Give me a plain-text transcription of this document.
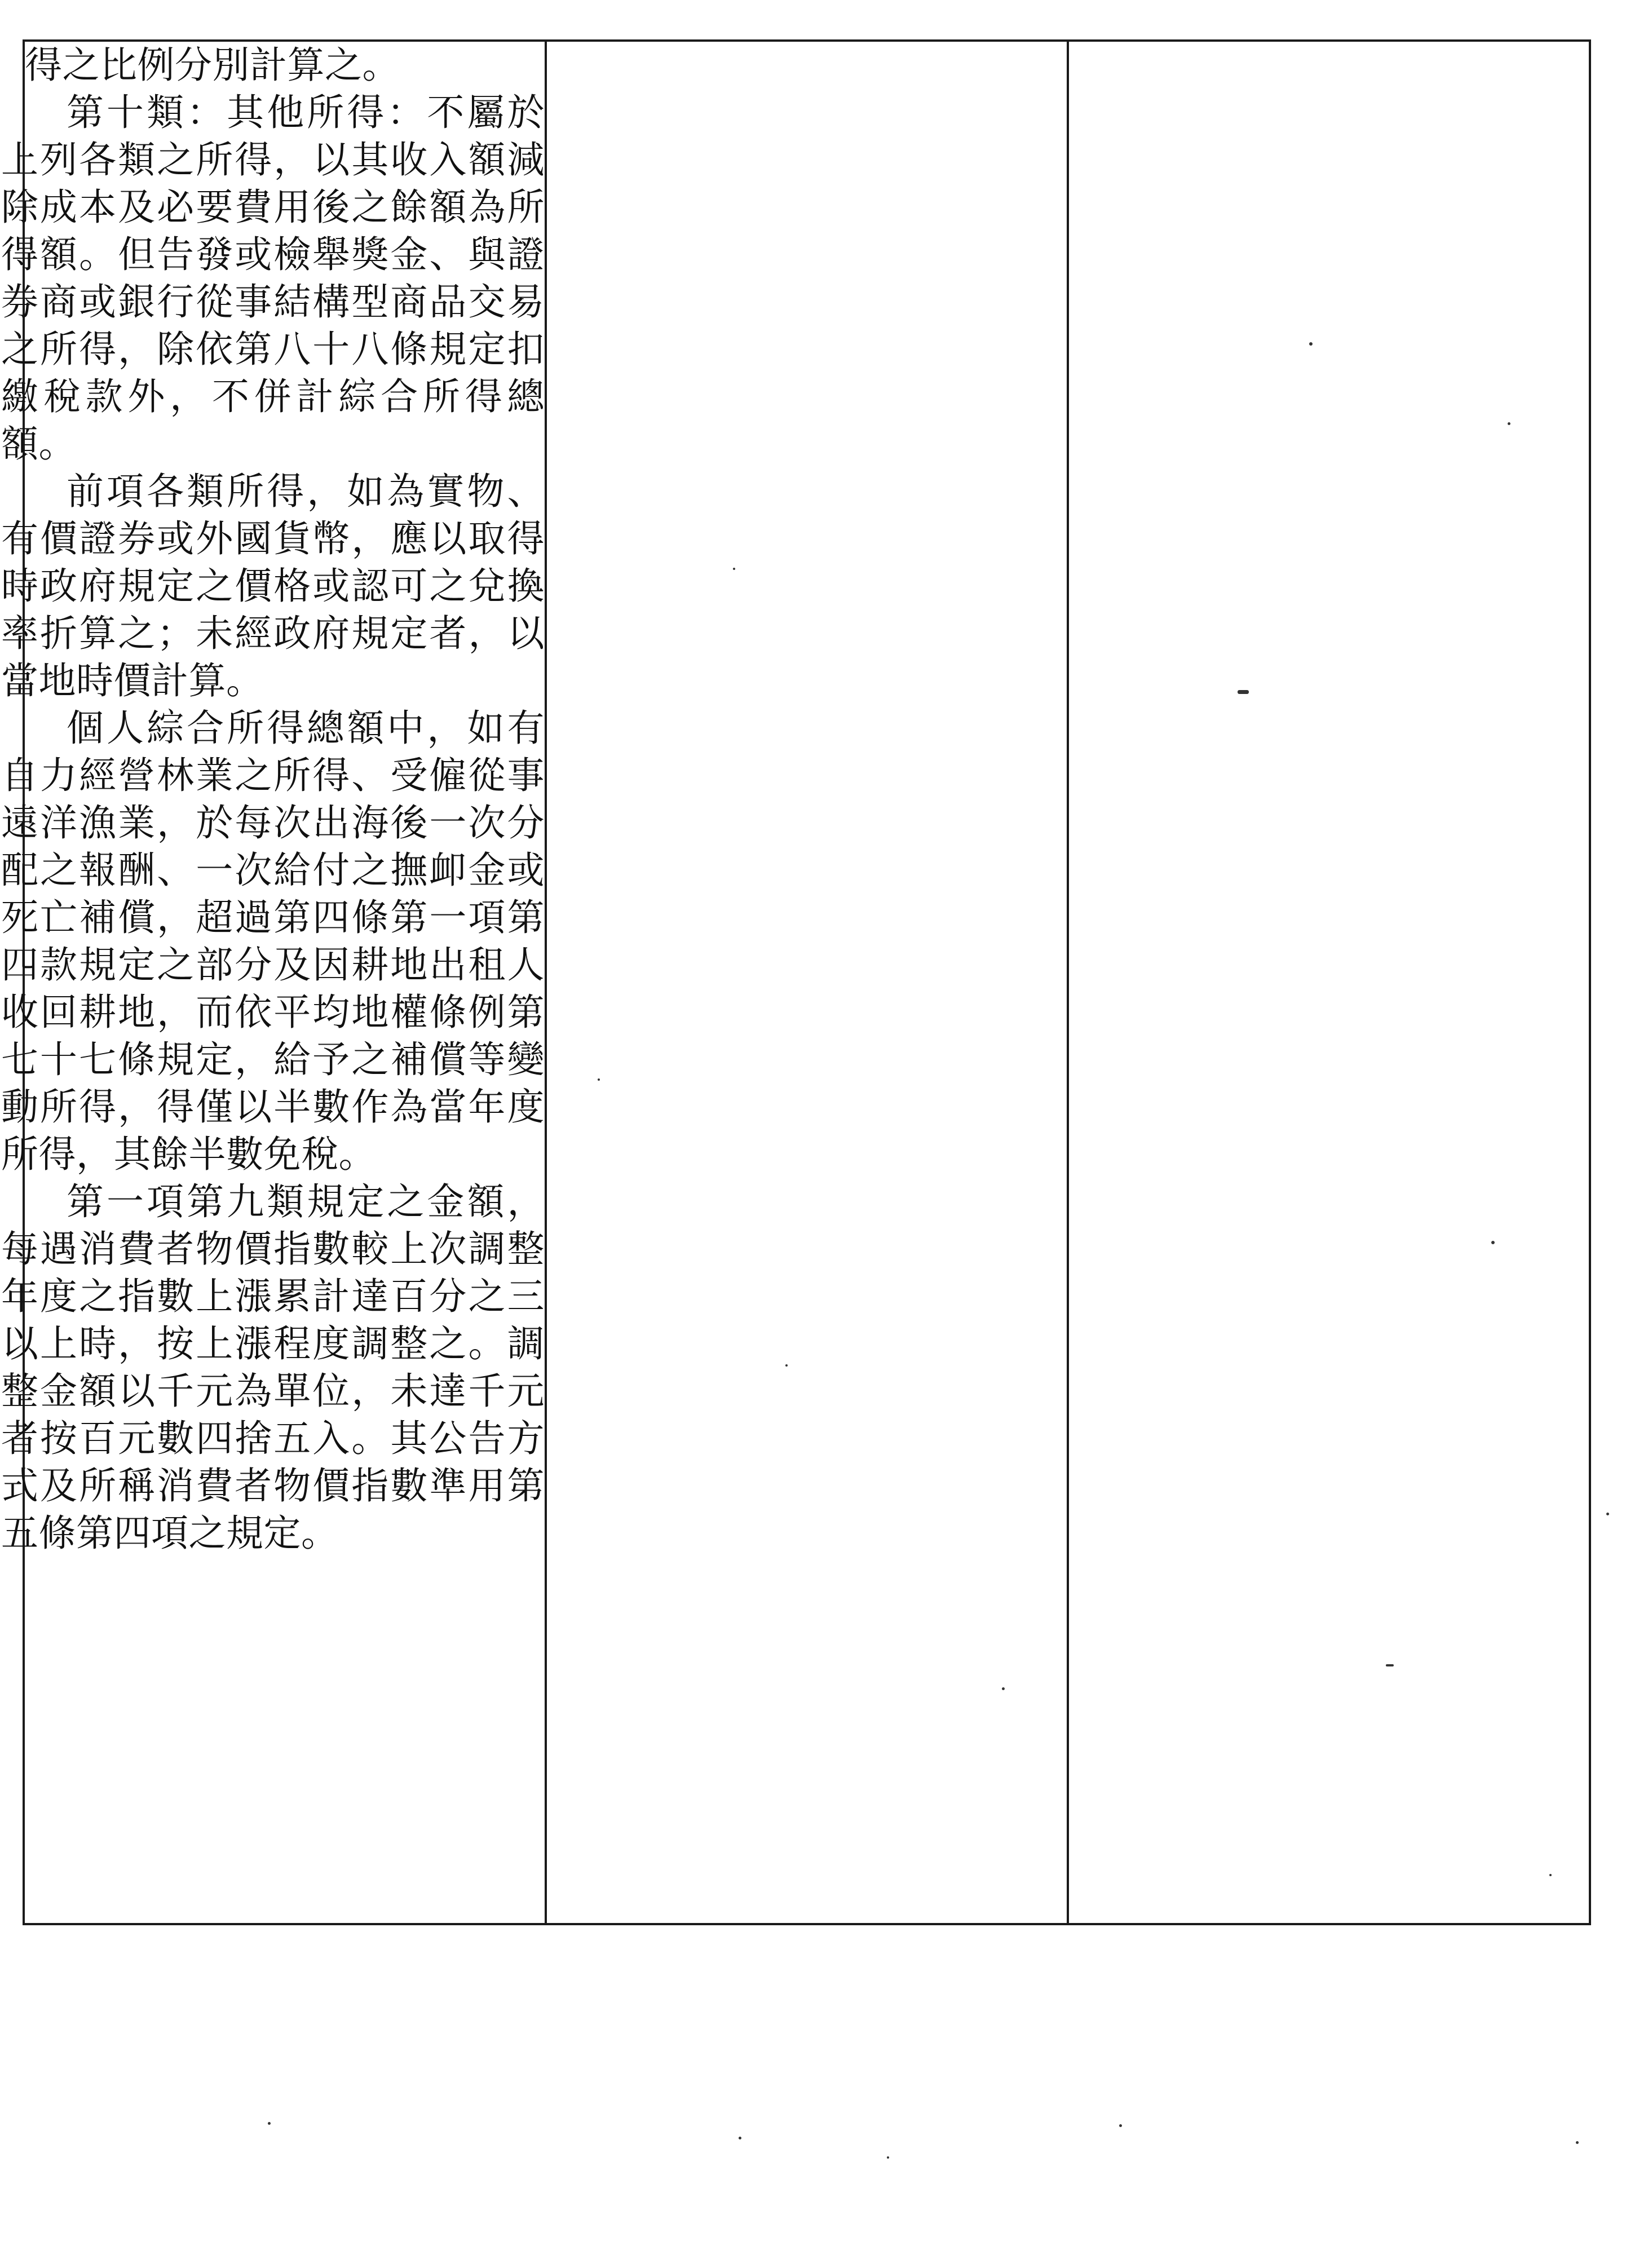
得之比例分別計算之。

第十類：其他所得：不屬於上列各類之所得，以其收入額減除成本及必要費用後之餘額為所得額。但告發或檢舉獎金、與證券商或銀行從事結構型商品交易之所得，除依第八十八條規定扣繳稅款外，不併計綜合所得總額。

前項各類所得，如為實物、有價證券或外國貨幣，應以取得時政府規定之價格或認可之兌換率折算之；未經政府規定者，以當地時價計算。

個人綜合所得總額中，如有自力經營林業之所得、受僱從事遠洋漁業，於每次出海後一次分配之報酬、一次給付之撫卹金或死亡補償，超過第四條第一項第四款規定之部分及因耕地出租人收回耕地，而依平均地權條例第七十七條規定，給予之補償等變動所得，得僅以半數作為當年度所得，其餘半數免稅。

第一項第九類規定之金額，每遇消費者物價指數較上次調整年度之指數上漲累計達百分之三以上時，按上漲程度調整之。調整金額以千元為單位，未達千元者按百元數四捨五入。其公告方式及所稱消費者物價指數準用第五條第四項之規定。
